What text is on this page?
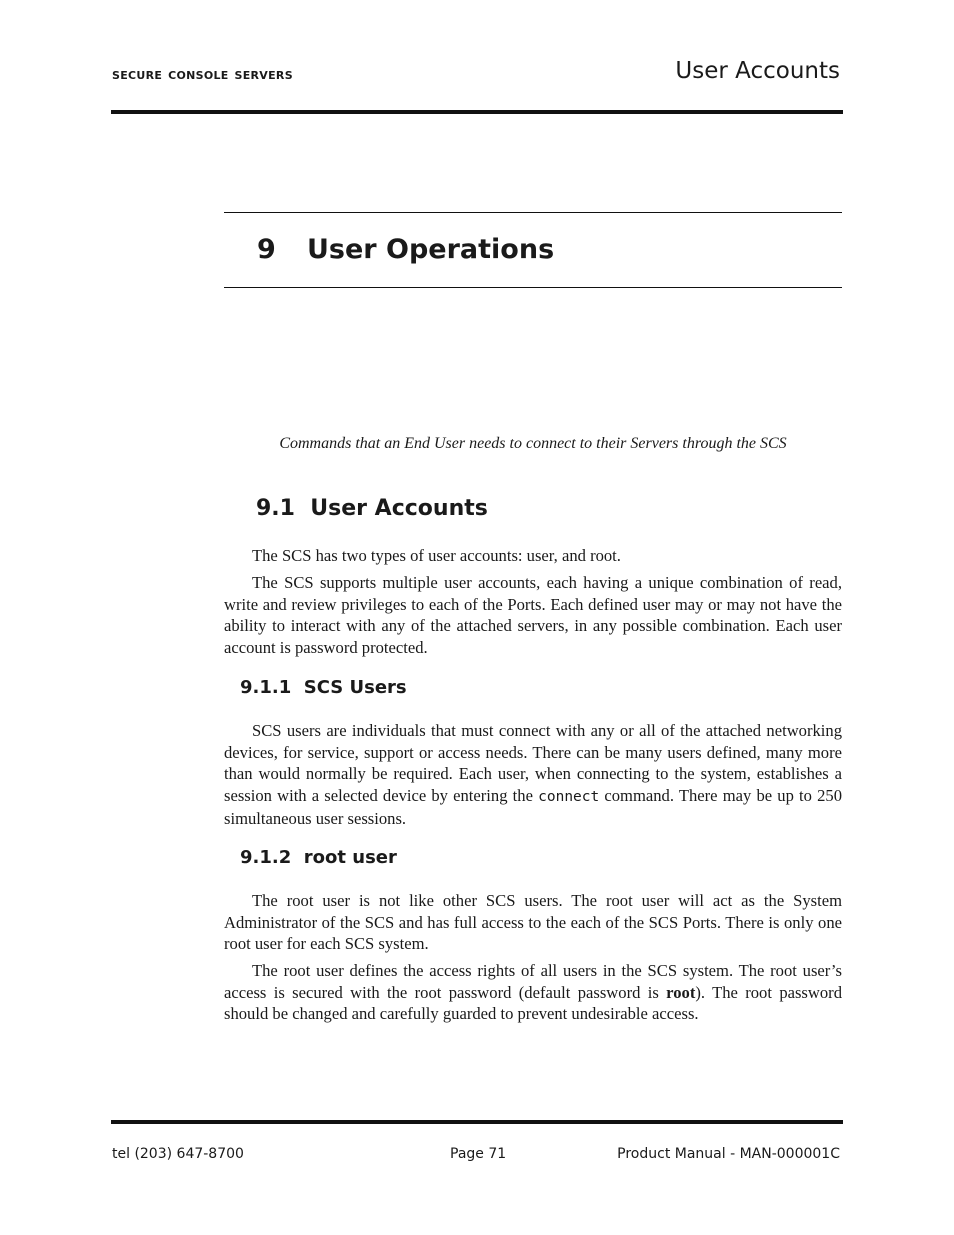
secure console servers	User Accounts
9 User Operations
Commands that an End User needs to connect to their Servers through the SCS
9.1  User Accounts
The SCS has two types of user accounts: user, and root.
The SCS supports multiple user accounts, each having a unique combination of read, write and review privileges to each of the Ports. Each defined user may or may not have the ability to interact with any of the attached servers, in any possible combination. Each user account is password protected.
9.1.1  SCS Users
SCS users are individuals that must connect with any or all of the attached networking devices, for service, support or access needs. There can be many users defined, many more than would normally be required. Each user, when connecting to the system, establishes a session with a selected device by entering the connect command. There may be up to 250 simultaneous user sessions.
9.1.2  root user
The root user is not like other SCS users. The root user will act as the System Administrator of the SCS and has full access to the each of the SCS Ports. There is only one root user for each SCS system.
The root user defines the access rights of all users in the SCS system. The root user’s access is secured with the root password (default password is root). The root password should be changed and carefully guarded to prevent undesirable access.
tel (203) 647-8700	Page 71	Product Manual - MAN-000001C
